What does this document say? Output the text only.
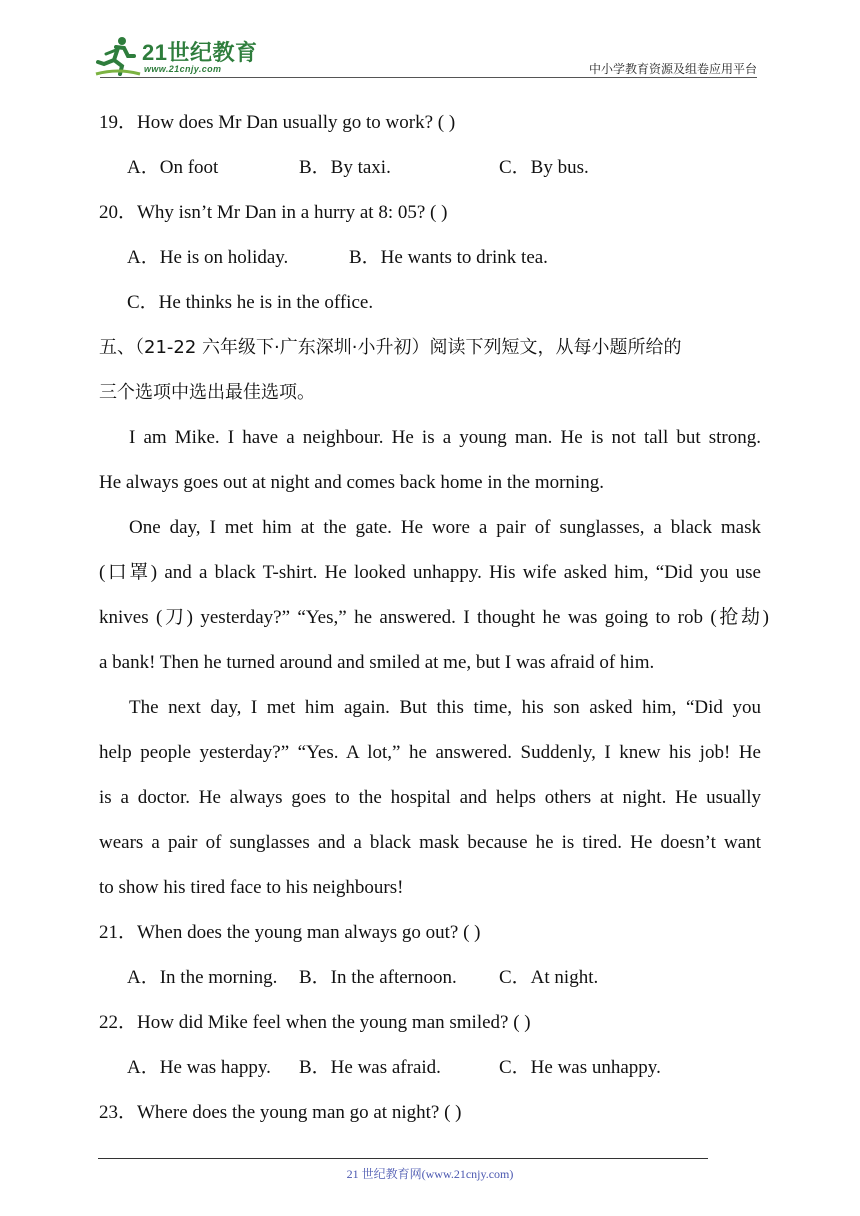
21世纪教育
www.21cnjy.com	中小学教育资源及组卷应用平台
19．How does Mr Dan usually go to work? ( )
A．On foot	B．By taxi.	C．By bus.
20．Why isn’t Mr Dan in a hurry at 8: 05? ( )
A．He is on holiday.	B．He wants to drink tea.
C．He thinks he is in the office.
五、（21-22 六年级下·广东深圳·小升初）阅读下列短文，从每小题所给的
三个选项中选出最佳选项。
I am Mike. I have a neighbour. He is a young man. He is not tall but strong.
He always goes out at night and comes back home in the morning.
One day, I met him at the gate. He wore a pair of sunglasses, a black mask
(口罩) and a black T-shirt. He looked unhappy. His wife asked him, “Did you use
knives (刀) yesterday?” “Yes,” he answered. I thought he was going to rob (抢劫)
a bank! Then he turned around and smiled at me, but I was afraid of him.
The next day, I met him again. But this time, his son asked him, “Did you
help people yesterday?” “Yes. A lot,” he answered. Suddenly, I knew his job! He
is a doctor. He always goes to the hospital and helps others at night. He usually
wears a pair of sunglasses and a black mask because he is tired. He doesn’t want
to show his tired face to his neighbours!
21．When does the young man always go out? ( )
A．In the morning. B．In the afternoon. C．At night.
22．How did Mike feel when the young man smiled? ( )
A．He was happy. B．He was afraid.	C．He was unhappy.
23．Where does the young man go at night? ( )
21 世纪教育网(www.21cnjy.com)
